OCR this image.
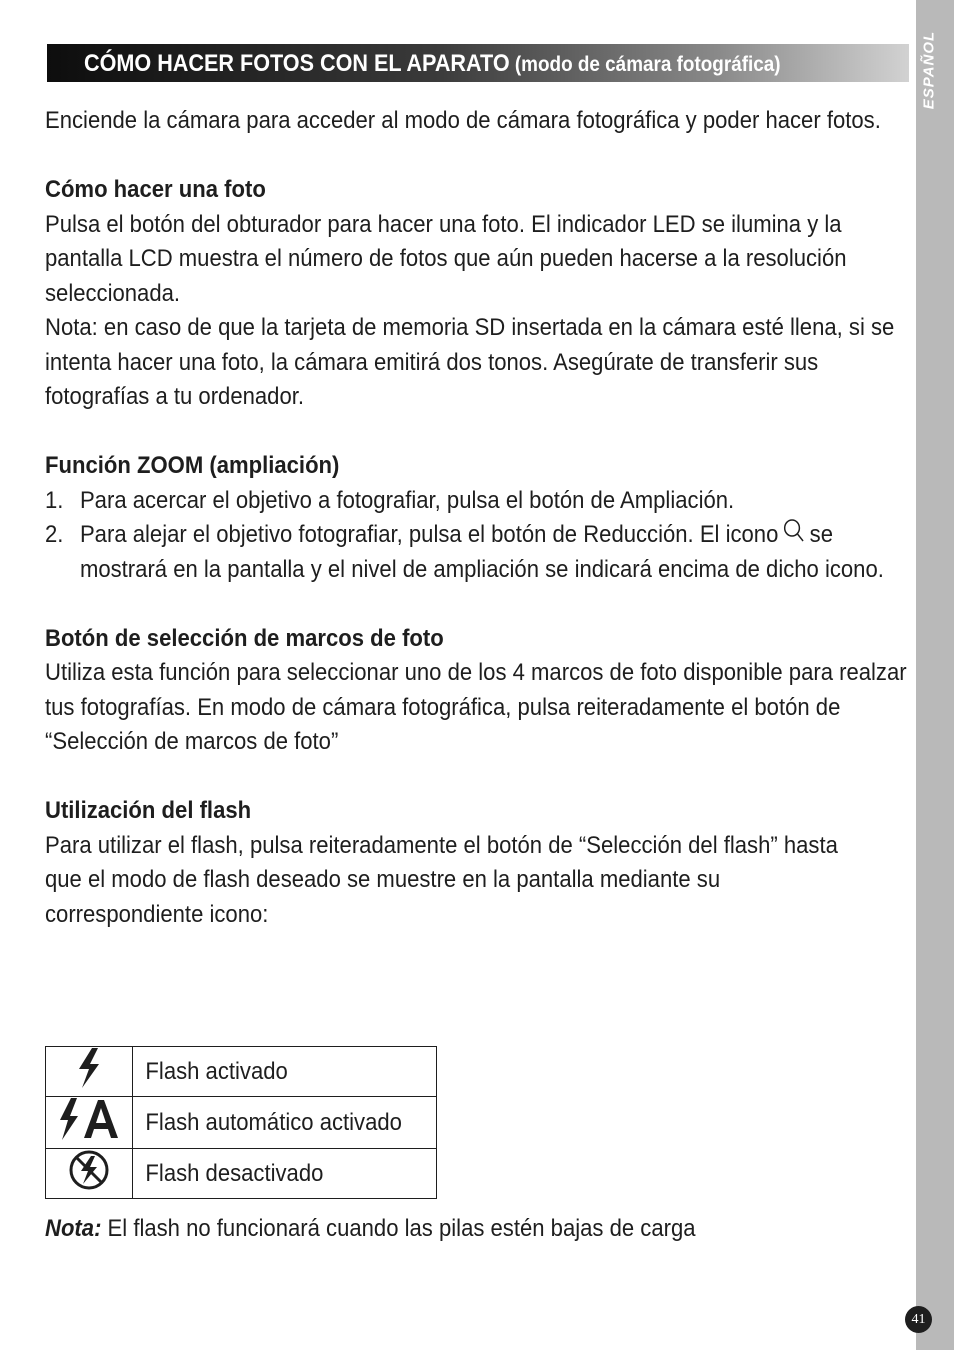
ESPAÑOL
41
CÓMO HACER FOTOS CON EL APARATO (modo de cámara fotográfica)

Enciende la cámara para acceder al modo de cámara fotográfica y poder hacer fotos.

Cómo hacer una foto

Pulsa el botón del obturador para hacer una foto. El indicador LED se ilumina y la pantalla LCD muestra el número de fotos que aún pueden hacerse a la resolución seleccionada.

Nota: en caso de que la tarjeta de memoria SD insertada en la cámara esté llena, si se intenta hacer una foto, la cámara emitirá dos tonos. Asegúrate de transferir sus fotografías a tu ordenador.

Función ZOOM (ampliación)
1. Para acercar el objetivo a fotografiar, pulsa el botón de Ampliación.
2. Para alejar el objetivo fotografiar, pulsa el botón de Reducción. El icono se mostrará en la pantalla y el nivel de ampliación se indicará encima de dicho icono.
Botón de selección de marcos de foto

Utiliza esta función para seleccionar uno de los 4 marcos de foto disponible para realzar tus fotografías. En modo de cámara fotográfica, pulsa reiteradamente el botón de “Selección de marcos de foto”

Utilización del flash

Para utilizar el flash, pulsa reiteradamente el botón de “Selección del flash” hasta que el modo de flash deseado se muestre en la pantalla mediante su correspondiente icono:

	Flash activado
	Flash automático activado
	Flash desactivado
Nota: El flash no funcionará cuando las pilas estén bajas de carga
